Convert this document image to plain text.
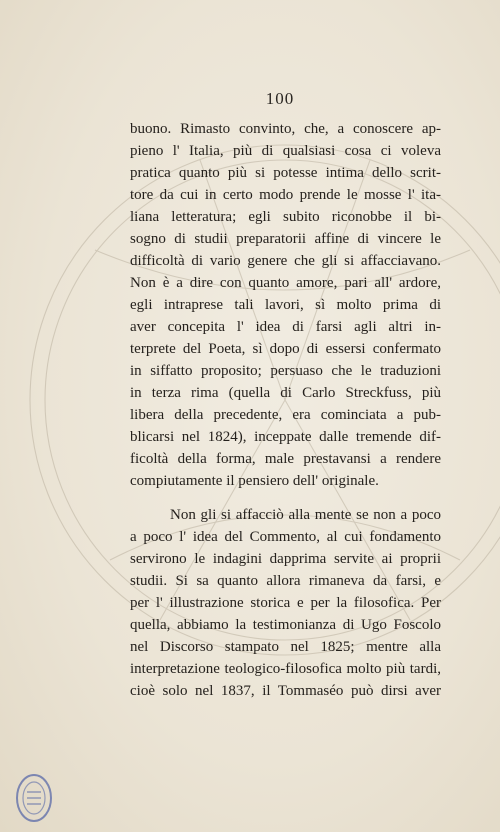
100
buono. Rimasto convinto, che, a conoscere ap-
pieno l' Italia, più di qualsiasi cosa ci voleva
pratica quanto più si potesse intima dello scrit-
tore da cui in certo modo prende le mosse l' ita-
liana letteratura; egli subito riconobbe il bi-
sogno di studii preparatorii affine di vincere le
difficoltà di vario genere che gli si affacciavano.
Non è a dire con quanto amore, pari all' ardore,
egli intraprese tali lavori, sì molto prima di
aver concepita l' idea di farsi agli altri in-
terprete del Poeta, sì dopo di essersi confermato
in siffatto proposito; persuaso che le traduzioni
in terza rima (quella di Carlo Streckfuss, più
libera della precedente, era cominciata a pub-
blicarsi nel 1824), inceppate dalle tremende dif-
ficoltà della forma, male prestavansi a rendere
compiutamente il pensiero dell' originale.
Non gli si affacciò alla mente se non a poco
a poco l' idea del Commento, al cui fondamento
servirono le indagini dapprima servite ai proprii
studii. Si sa quanto allora rimaneva da farsi, e
per l' illustrazione storica e per la filosofica. Per
quella, abbiamo la testimonianza di Ugo Foscolo
nel Discorso stampato nel 1825; mentre alla
interpretazione teologico-filosofica molto più tardi,
cioè solo nel 1837, il Tommaséo può dirsi aver
